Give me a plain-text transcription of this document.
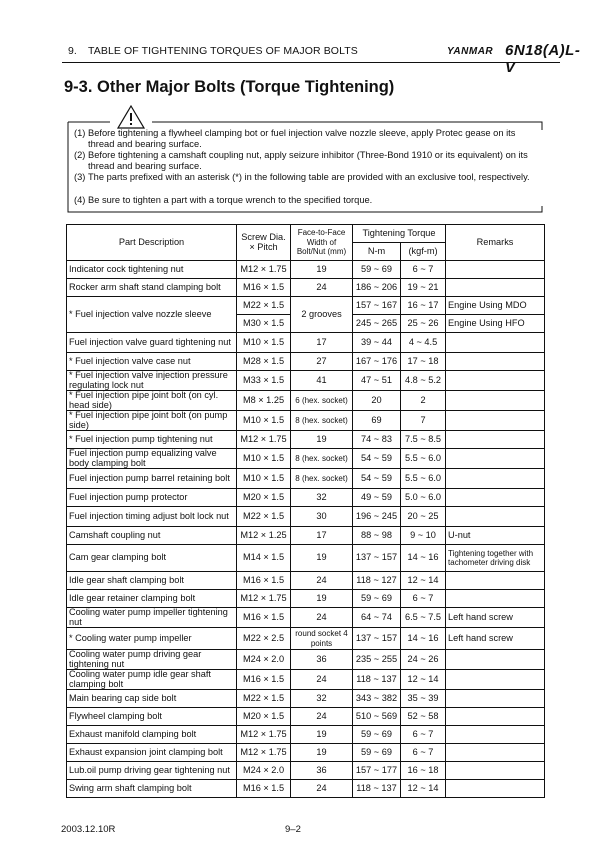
9. TABLE OF TIGHTENING TORQUES OF MAJOR BOLTS	YANMAR 6N18(A)L-V
9-3. Other Major Bolts (Torque Tightening)
(1) Before tightening a flywheel clamping bot or fuel injection valve nozzle sleeve, apply Protec gease on its thread and bearing surface.
(2) Before tightening a camshaft coupling nut, apply seizure inhibitor (Three-Bond 1910 or its equivalent) on its thread and bearing surface.
(3) The parts prefixed with an asterisk (*) in the following table are provided with an exclusive tool, respectively.
(4) Be sure to tighten a part with a torque wrench to the specified torque.
Part Description	Screw Dia. × Pitch	Face-to-Face Width of Bolt/Nut (mm)	Tightening Torque		Remarks
			N-m	(kgf-m)	
Indicator cock tightening nut	M12 × 1.75	19	59 ~ 69	6 ~ 7	
Rocker arm shaft stand clamping bolt	M16 × 1.5	24	186 ~ 206	19 ~ 21	
* Fuel injection valve nozzle sleeve	M22 × 1.5	2 grooves	157 ~ 167	16 ~ 17	Engine Using MDO
	M30 × 1.5		245 ~ 265	25 ~ 26	Engine Using HFO
Fuel injection valve guard tightening nut	M10 × 1.5	17	39 ~ 44	4 ~ 4.5	
* Fuel injection valve case nut	M28 × 1.5	27	167 ~ 176	17 ~ 18	
* Fuel injection valve injection pressure regulating lock nut	M33 × 1.5	41	47 ~ 51	4.8 ~ 5.2	
* Fuel injection pipe joint bolt (on cyl. head side)	M8 × 1.25	6 (hex. socket)	20	2	
* Fuel injection pipe joint bolt (on pump side)	M10 × 1.5	8 (hex. socket)	69	7	
* Fuel injection pump tightening nut	M12 × 1.75	19	74 ~ 83	7.5 ~ 8.5	
Fuel injection pump equalizing valve body clamping bolt	M10 × 1.5	8 (hex. socket)	54 ~ 59	5.5 ~ 6.0	
Fuel injection pump barrel retaining bolt	M10 × 1.5	8 (hex. socket)	54 ~ 59	5.5 ~ 6.0	
Fuel injection pump protector	M20 × 1.5	32	49 ~ 59	5.0 ~ 6.0	
Fuel injection timing adjust bolt lock nut	M22 × 1.5	30	196 ~ 245	20 ~ 25	
Camshaft coupling nut	M12 × 1.25	17	88 ~ 98	9 ~ 10	U-nut
Cam gear clamping bolt	M14 × 1.5	19	137 ~ 157	14 ~ 16	Tightening together with tachometer driving disk
Idle gear shaft clamping bolt	M16 × 1.5	24	118 ~ 127	12 ~ 14	
Idle gear retainer clamping bolt	M12 × 1.75	19	59 ~ 69	6 ~ 7	
Cooling water pump impeller tightening nut	M16 × 1.5	24	64 ~ 74	6.5 ~ 7.5	Left hand screw
* Cooling water pump impeller	M22 × 2.5	round socket 4 points	137 ~ 157	14 ~ 16	Left hand screw
Cooling water pump driving gear tightening nut	M24 × 2.0	36	235 ~ 255	24 ~ 26	
Cooling water pump idle gear shaft clamping bolt	M16 × 1.5	24	118 ~ 137	12 ~ 14	
Main bearing cap side bolt	M22 × 1.5	32	343 ~ 382	35 ~ 39	
Flywheel clamping bolt	M20 × 1.5	24	510 ~ 569	52 ~ 58	
Exhaust manifold clamping bolt	M12 × 1.75	19	59 ~ 69	6 ~ 7	
Exhaust expansion joint clamping bolt	M12 × 1.75	19	59 ~ 69	6 ~ 7	
Lub.oil pump driving gear tightening nut	M24 × 2.0	36	157 ~ 177	16 ~ 18	
Swing arm shaft clamping bolt	M16 × 1.5	24	118 ~ 137	12 ~ 14	
2003.12.10R	9–2
